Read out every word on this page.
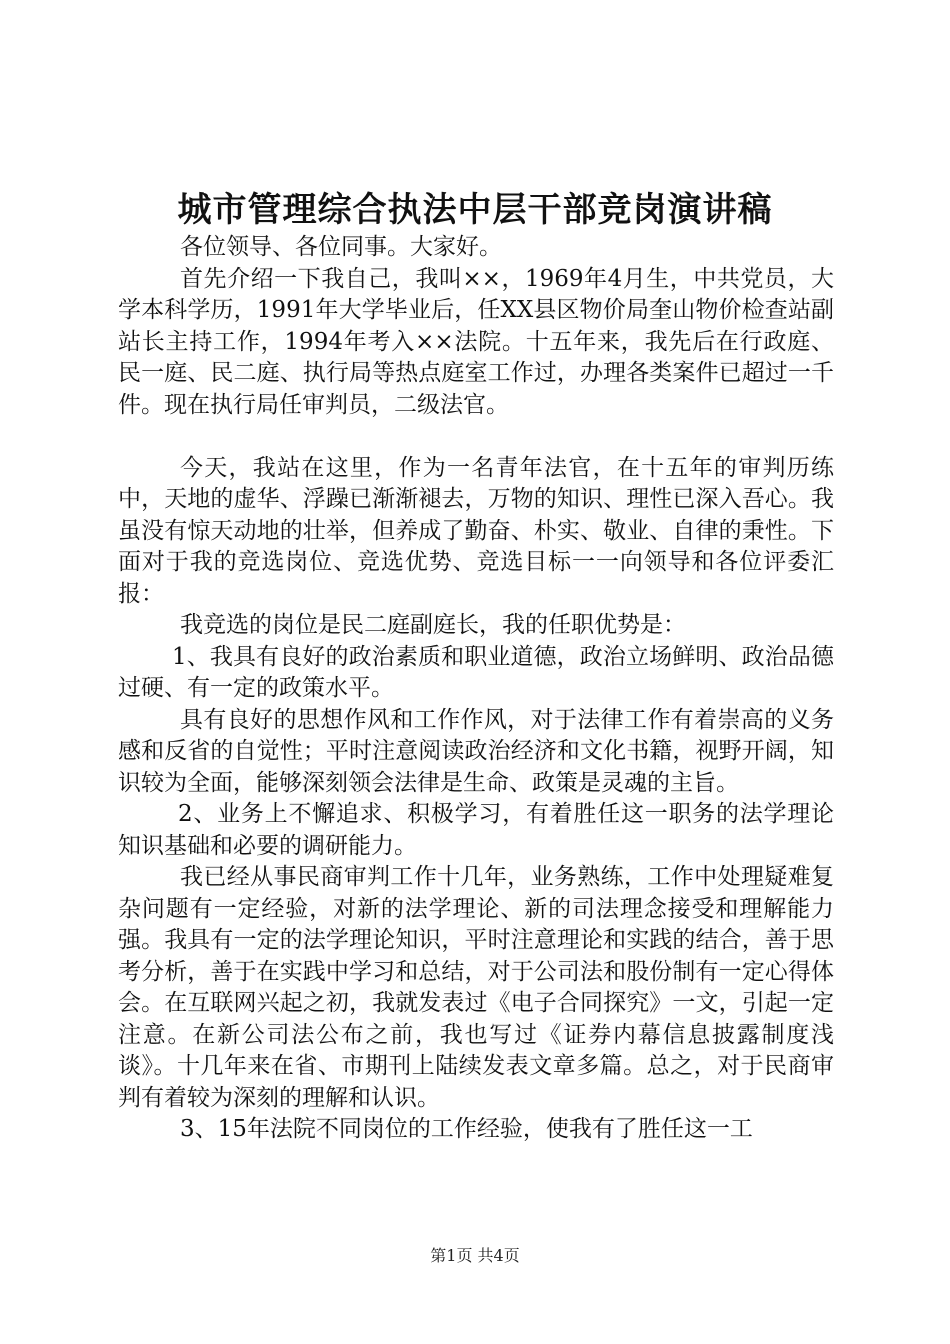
城市管理综合执法中层干部竞岗演讲稿

各位领导、各位同事。大家好。

首先介绍一下我自己，我叫××，1969年4月生，中共党员，大学本科学历，1991年大学毕业后，任XX县区物价局奎山物价检查站副站长主持工作，1994年考入××法院。十五年来，我先后在行政庭、民一庭、民二庭、执行局等热点庭室工作过，办理各类案件已超过一千件。现在执行局任审判员，二级法官。

今天，我站在这里，作为一名青年法官，在十五年的审判历练中，天地的虚华、浮躁已渐渐褪去，万物的知识、理性已深入吾心。我虽没有惊天动地的壮举，但养成了勤奋、朴实、敬业、自律的秉性。下面对于我的竞选岗位、竞选优势、竞选目标一一向领导和各位评委汇报：

我竞选的岗位是民二庭副庭长，我的任职优势是：

1、我具有良好的政治素质和职业道德，政治立场鲜明、政治品德过硬、有一定的政策水平。

具有良好的思想作风和工作作风，对于法律工作有着崇高的义务感和反省的自觉性；平时注意阅读政治经济和文化书籍，视野开阔，知识较为全面，能够深刻领会法律是生命、政策是灵魂的主旨。

2、业务上不懈追求、积极学习，有着胜任这一职务的法学理论知识基础和必要的调研能力。

我已经从事民商审判工作十几年，业务熟练，工作中处理疑难复杂问题有一定经验，对新的法学理论、新的司法理念接受和理解能力强。我具有一定的法学理论知识，平时注意理论和实践的结合，善于思考分析，善于在实践中学习和总结，对于公司法和股份制有一定心得体会。在互联网兴起之初，我就发表过《电子合同探究》一文，引起一定注意。在新公司法公布之前，我也写过《证券内幕信息披露制度浅谈》。十几年来在省、市期刊上陆续发表文章多篇。总之，对于民商审判有着较为深刻的理解和认识。

3、15年法院不同岗位的工作经验，使我有了胜任这一工

第1页 共4页
